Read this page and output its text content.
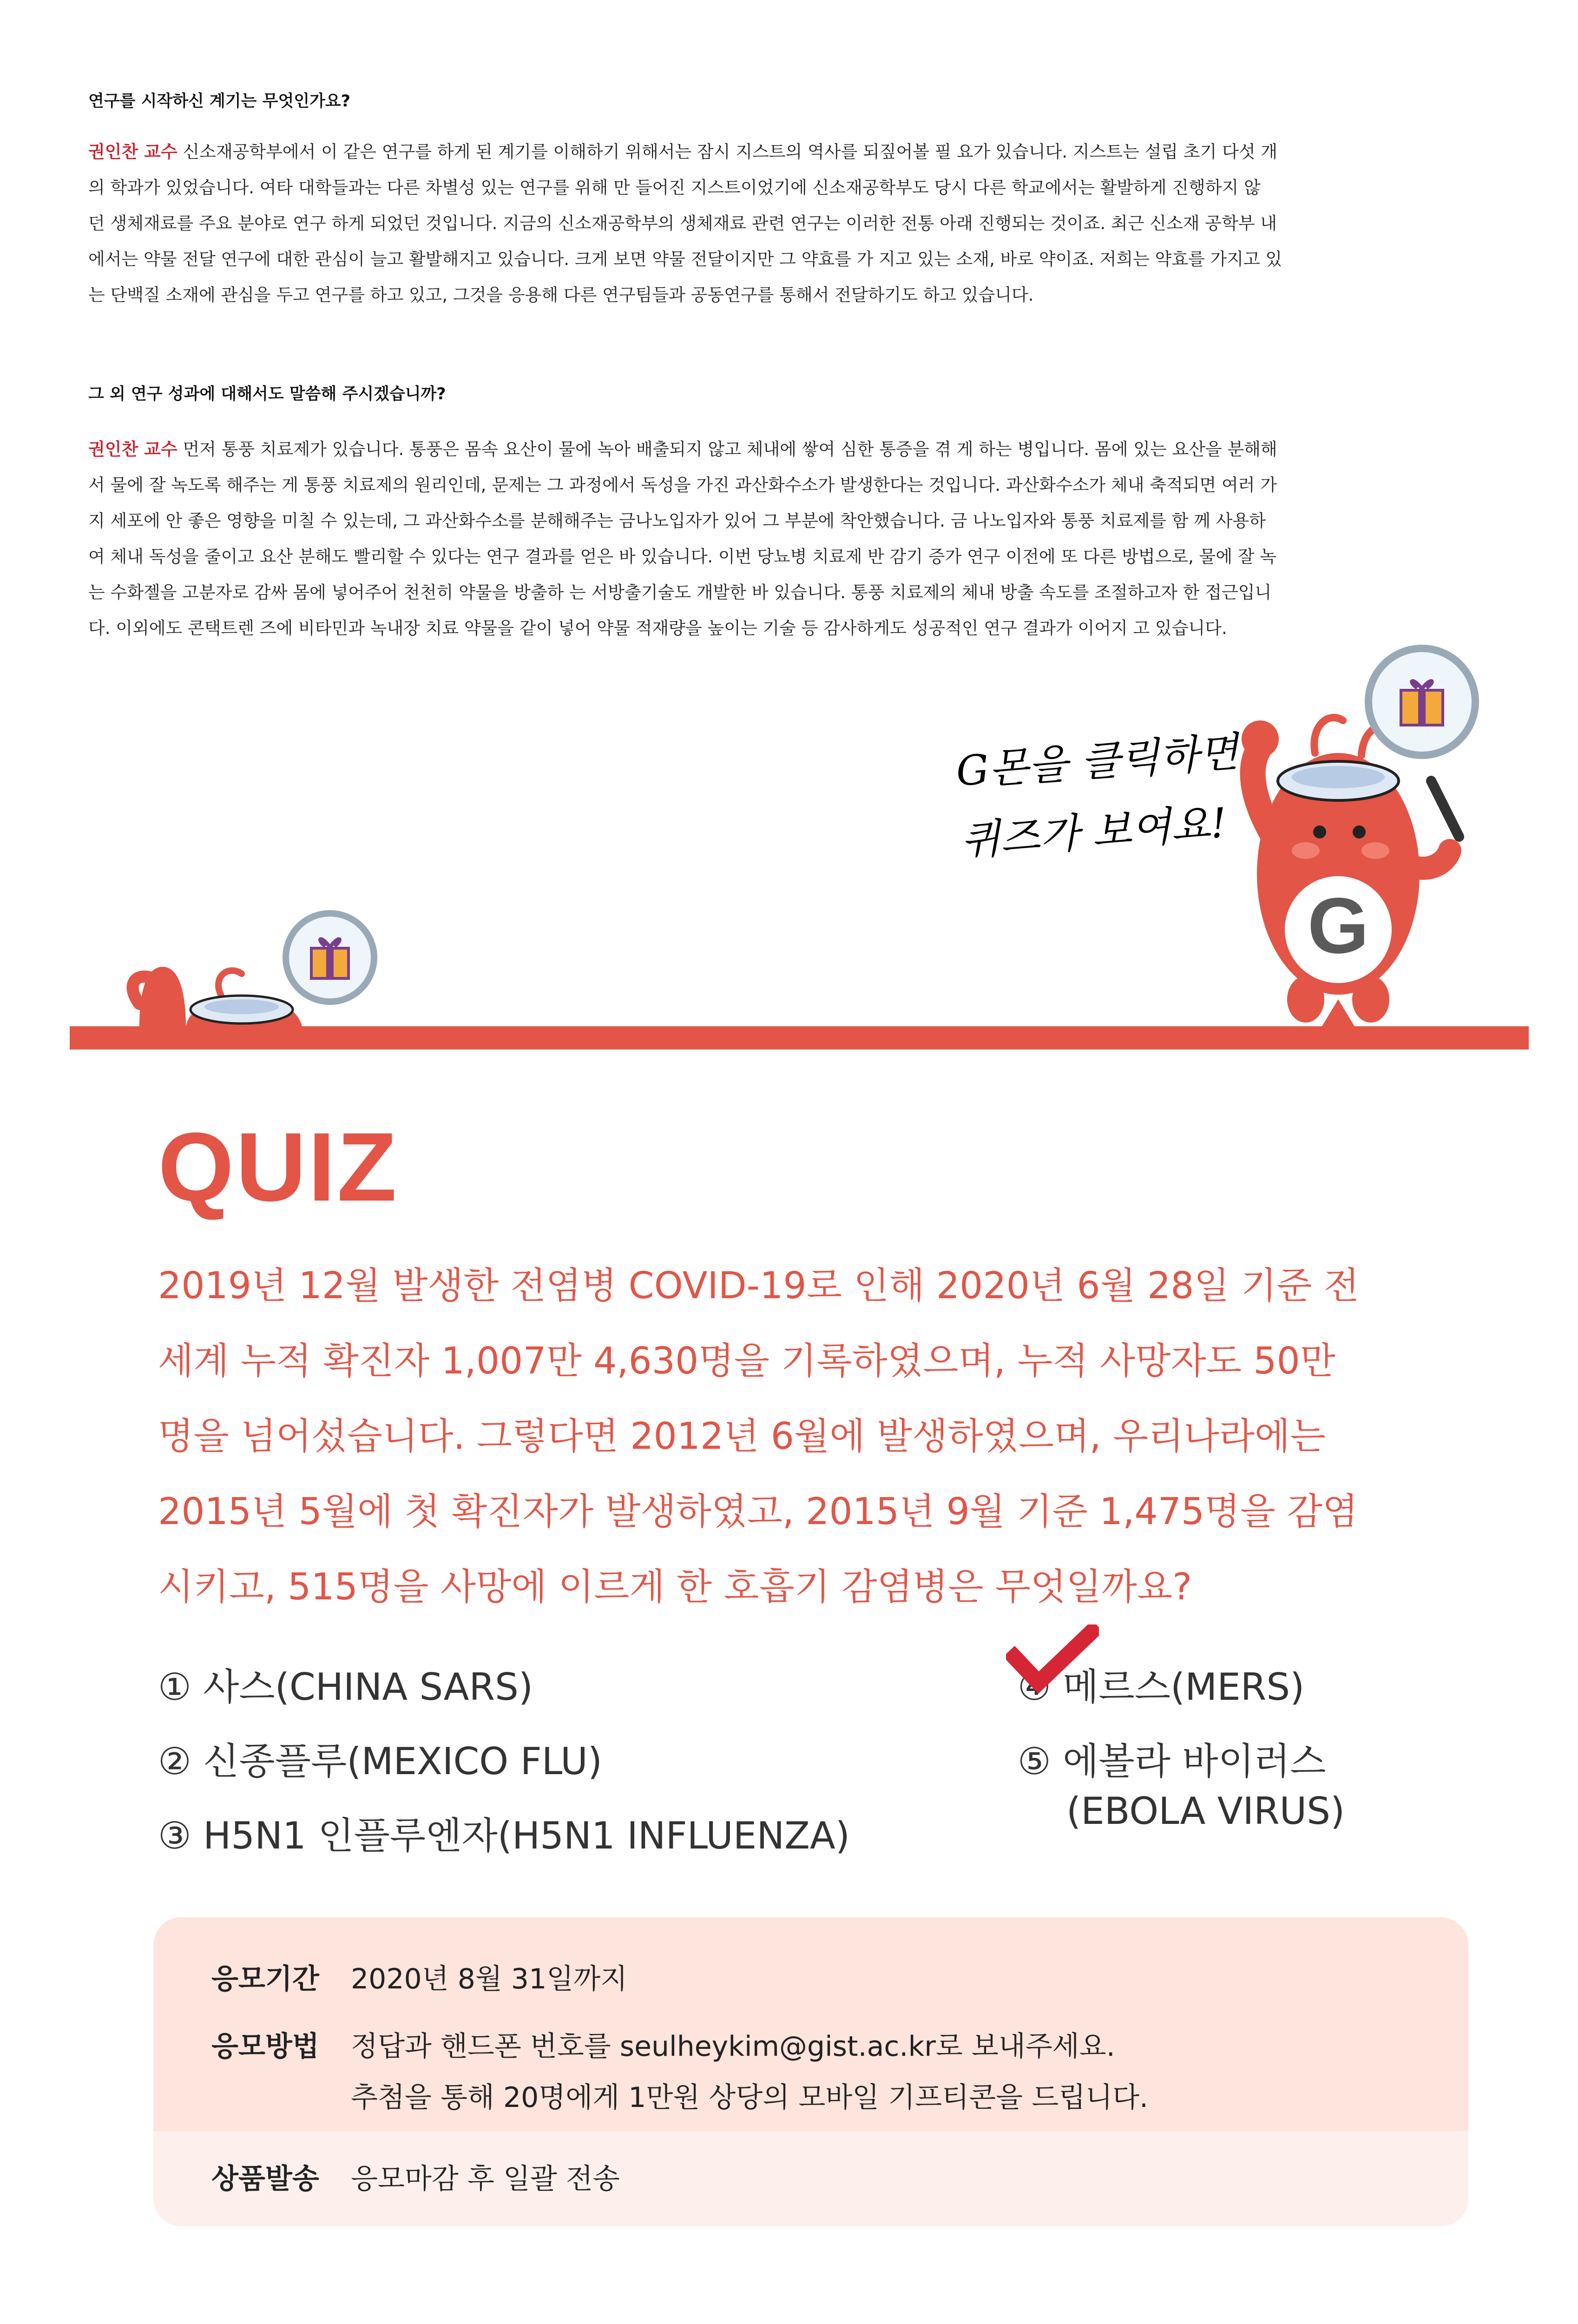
연구를 시작하신 계기는 무엇인가요?
권인찬 교수 신소재공학부에서 이 같은 연구를 하게 된 계기를 이해하기 위해서는 잠시 지스트의 역사를 되짚어볼 필 요가 있습니다. 지스트는 설립 초기 다섯 개
의 학과가 있었습니다. 여타 대학들과는 다른 차별성 있는 연구를 위해 만 들어진 지스트이었기에 신소재공학부도 당시 다른 학교에서는 활발하게 진행하지 않
던 생체재료를 주요 분야로 연구 하게 되었던 것입니다. 지금의 신소재공학부의 생체재료 관련 연구는 이러한 전통 아래 진행되는 것이죠. 최근 신소재 공학부 내
에서는 약물 전달 연구에 대한 관심이 늘고 활발해지고 있습니다. 크게 보면 약물 전달이지만 그 약효를 가 지고 있는 소재, 바로 약이죠. 저희는 약효를 가지고 있
는 단백질 소재에 관심을 두고 연구를 하고 있고, 그것을 응용해 다른 연구팀들과 공동연구를 통해서 전달하기도 하고 있습니다.
그 외 연구 성과에 대해서도 말씀해 주시겠습니까?
권인찬 교수 먼저 통풍 치료제가 있습니다. 통풍은 몸속 요산이 물에 녹아 배출되지 않고 체내에 쌓여 심한 통증을 겪 게 하는 병입니다. 몸에 있는 요산을 분해해
서 물에 잘 녹도록 해주는 게 통풍 치료제의 원리인데, 문제는 그 과정에서 독성을 가진 과산화수소가 발생한다는 것입니다. 과산화수소가 체내 축적되면 여러 가
지 세포에 안 좋은 영향을 미칠 수 있는데, 그 과산화수소를 분해해주는 금나노입자가 있어 그 부분에 착안했습니다. 금 나노입자와 통풍 치료제를 함 께 사용하
여 체내 독성을 줄이고 요산 분해도 빨리할 수 있다는 연구 결과를 얻은 바 있습니다. 이번 당뇨병 치료제 반 감기 증가 연구 이전에 또 다른 방법으로, 물에 잘 녹
는 수화젤을 고분자로 감싸 몸에 넣어주어 천천히 약물을 방출하 는 서방출기술도 개발한 바 있습니다. 통풍 치료제의 체내 방출 속도를 조절하고자 한 접근입니
다. 이외에도 콘택트렌 즈에 비타민과 녹내장 치료 약물을 같이 넣어 약물 적재량을 높이는 기술 등 감사하게도 성공적인 연구 결과가 이어지 고 있습니다.
G몬을 클릭하면
퀴즈가 보여요!
G
QUIZ
2019년 12월 발생한 전염병 COVID-19로 인해 2020년 6월 28일 기준 전
세계 누적 확진자 1,007만 4,630명을 기록하였으며, 누적 사망자도 50만
명을 넘어섰습니다. 그렇다면 2012년 6월에 발생하였으며, 우리나라에는
2015년 5월에 첫 확진자가 발생하였고, 2015년 9월 기준 1,475명을 감염
시키고, 515명을 사망에 이르게 한 호흡기 감염병은 무엇일까요?
① 사스(CHINA SARS)
② 신종플루(MEXICO FLU)
③ H5N1 인플루엔자(H5N1 INFLUENZA)
④ 메르스(MERS)
⑤ 에볼라 바이러스
(EBOLA VIRUS)
응모기간 2020년 8월 31일까지
응모방법 정답과 핸드폰 번호를 seulheykim@gist.ac.kr로 보내주세요.
추첨을 통해 20명에게 1만원 상당의 모바일 기프티콘을 드립니다.
상품발송 응모마감 후 일괄 전송
